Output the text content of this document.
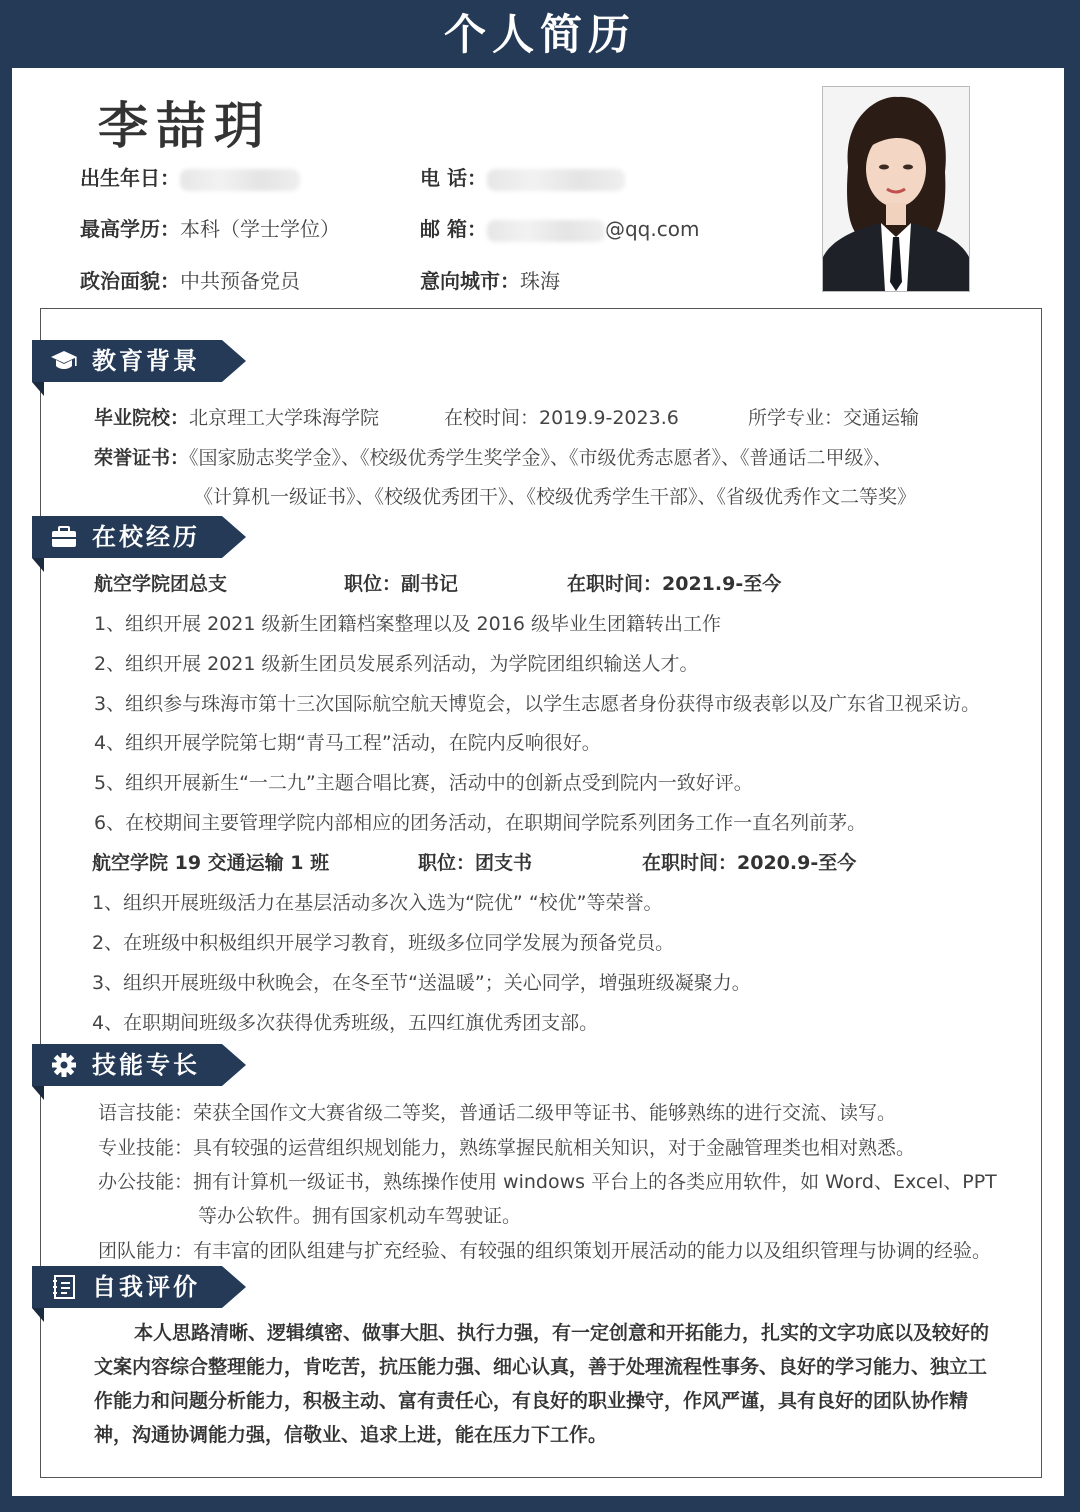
个人简历
李喆玥
出生年日：	电 话：
最高学历：本科（学士学位）	邮 箱：	@qq.com
政治面貌：中共预备党员	意向城市：珠海
教育背景
毕业院校：北京理工大学珠海学院	在校时间：2019.9-2023.6	所学专业：交通运输
荣誉证书：《国家励志奖学金》、《校级优秀学生奖学金》、《市级优秀志愿者》、《普通话二甲级》、
《计算机一级证书》、《校级优秀团干》、《校级优秀学生干部》、《省级优秀作文二等奖》
在校经历
航空学院团总支	职位：副书记	在职时间：2021.9-至今
1、组织开展 2021 级新生团籍档案整理以及 2016 级毕业生团籍转出工作
2、组织开展 2021 级新生团员发展系列活动，为学院团组织输送人才。
3、组织参与珠海市第十三次国际航空航天博览会，以学生志愿者身份获得市级表彰以及广东省卫视采访。
4、组织开展学院第七期“青马工程”活动，在院内反响很好。
5、组织开展新生“一二九”主题合唱比赛，活动中的创新点受到院内一致好评。
6、在校期间主要管理学院内部相应的团务活动，在职期间学院系列团务工作一直名列前茅。
航空学院 19 交通运输 1 班	职位：团支书	在职时间：2020.9-至今
1、组织开展班级活力在基层活动多次入选为“院优” “校优”等荣誉。
2、在班级中积极组织开展学习教育，班级多位同学发展为预备党员。
3、组织开展班级中秋晚会，在冬至节“送温暖”；关心同学，增强班级凝聚力。
4、在职期间班级多次获得优秀班级，五四红旗优秀团支部。
技能专长
语言技能：荣获全国作文大赛省级二等奖，普通话二级甲等证书、能够熟练的进行交流、读写。
专业技能：具有较强的运营组织规划能力，熟练掌握民航相关知识，对于金融管理类也相对熟悉。
办公技能：拥有计算机一级证书，熟练操作使用 windows 平台上的各类应用软件，如 Word、Excel、PPT
等办公软件。拥有国家机动车驾驶证。
团队能力：有丰富的团队组建与扩充经验、有较强的组织策划开展活动的能力以及组织管理与协调的经验。
自我评价
本人思路清晰、逻辑缜密、做事大胆、执行力强，有一定创意和开拓能力，扎实的文字功底以及较好的文案内容综合整理能力，肯吃苦，抗压能力强、细心认真，善于处理流程性事务、良好的学习能力、独立工作能力和问题分析能力，积极主动、富有责任心，有良好的职业操守，作风严谨，具有良好的团队协作精神，沟通协调能力强，信敬业、追求上进，能在压力下工作。
